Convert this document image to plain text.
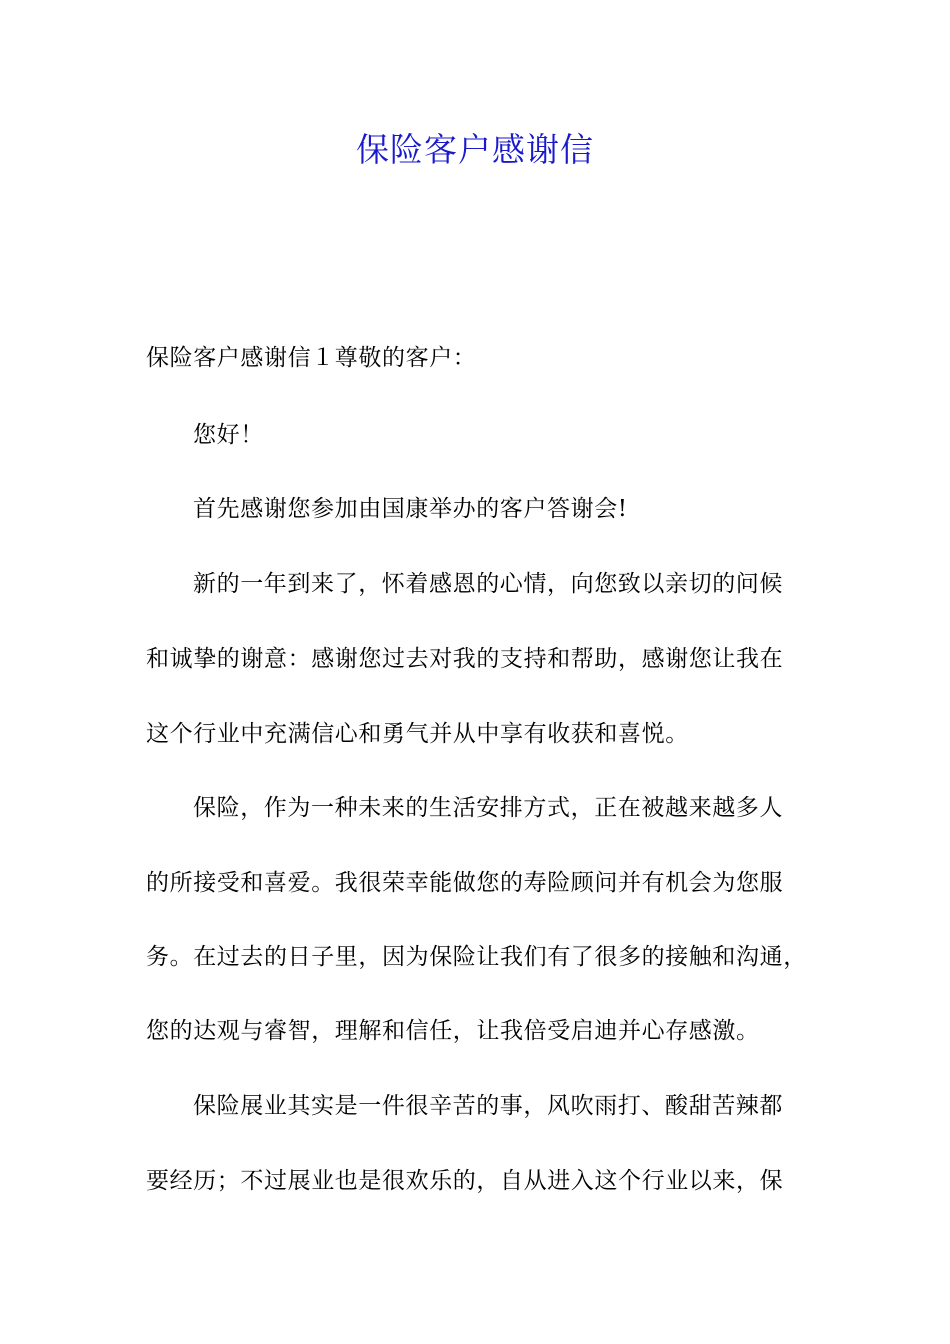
保险客户感谢信
保险客户感谢信１尊敬的客户：
您好！
首先感谢您参加由国康举办的客户答谢会!
新的一年到来了，怀着感恩的心情，向您致以亲切的问候
和诚挚的谢意：感谢您过去对我的支持和帮助，感谢您让我在
这个行业中充满信心和勇气并从中享有收获和喜悦。
保险，作为一种未来的生活安排方式，正在被越来越多人
的所接受和喜爱。我很荣幸能做您的寿险顾问并有机会为您服
务。在过去的日子里，因为保险让我们有了很多的接触和沟通，
您的达观与睿智，理解和信任，让我倍受启迪并心存感激。
保险展业其实是一件很辛苦的事，风吹雨打、酸甜苦辣都
要经历；不过展业也是很欢乐的，自从进入这个行业以来，保
